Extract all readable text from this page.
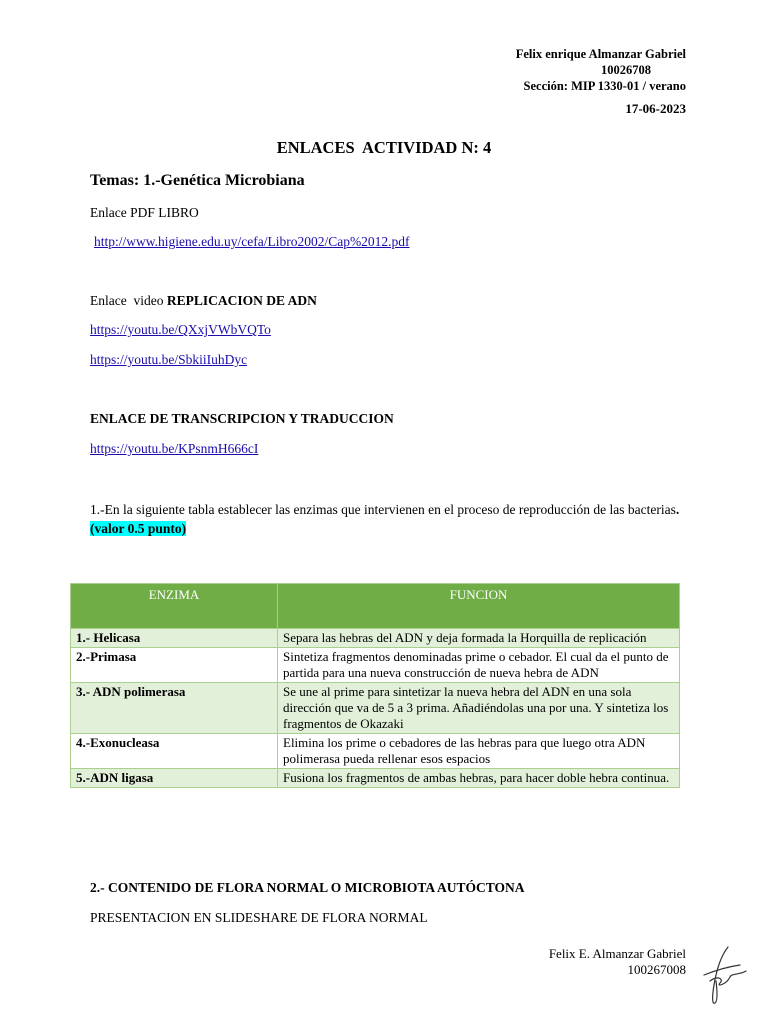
Felix enrique Almanzar Gabriel
10026708
Sección: MIP 1330-01 / verano
17-06-2023
ENLACES  ACTIVIDAD N: 4
Temas: 1.-Genética Microbiana
Enlace PDF LIBRO
http://www.higiene.edu.uy/cefa/Libro2002/Cap%2012.pdf
Enlace  video REPLICACION DE ADN
https://youtu.be/QXxjVWbVQTo
https://youtu.be/SbkiiIuhDyc
ENLACE DE TRANSCRIPCION Y TRADUCCION
https://youtu.be/KPsnmH666cI
1.-En la siguiente tabla establecer las enzimas que intervienen en el proceso de reproducción de las bacterias. (valor 0.5 punto)
ENZIMA	FUNCION
1.- Helicasa	Separa las hebras del ADN y deja formada la Horquilla de replicación
2.-Primasa	Sintetiza fragmentos denominadas prime o cebador. El cual da el punto de partida para una nueva construcción de nueva hebra de ADN
3.- ADN polimerasa	Se une al prime para sintetizar la nueva hebra del ADN en una sola dirección que va de 5 a 3 prima. Añadiéndolas una por una. Y sintetiza los fragmentos de Okazaki
4.-Exonucleasa	Elimina los prime o cebadores de las hebras para que luego otra ADN polimerasa pueda rellenar esos espacios
5.-ADN ligasa	Fusiona los fragmentos de ambas hebras, para hacer doble hebra continua.
2.- CONTENIDO DE FLORA NORMAL O MICROBIOTA AUTÓCTONA
PRESENTACION EN SLIDESHARE DE FLORA NORMAL
Felix E. Almanzar Gabriel
100267008
